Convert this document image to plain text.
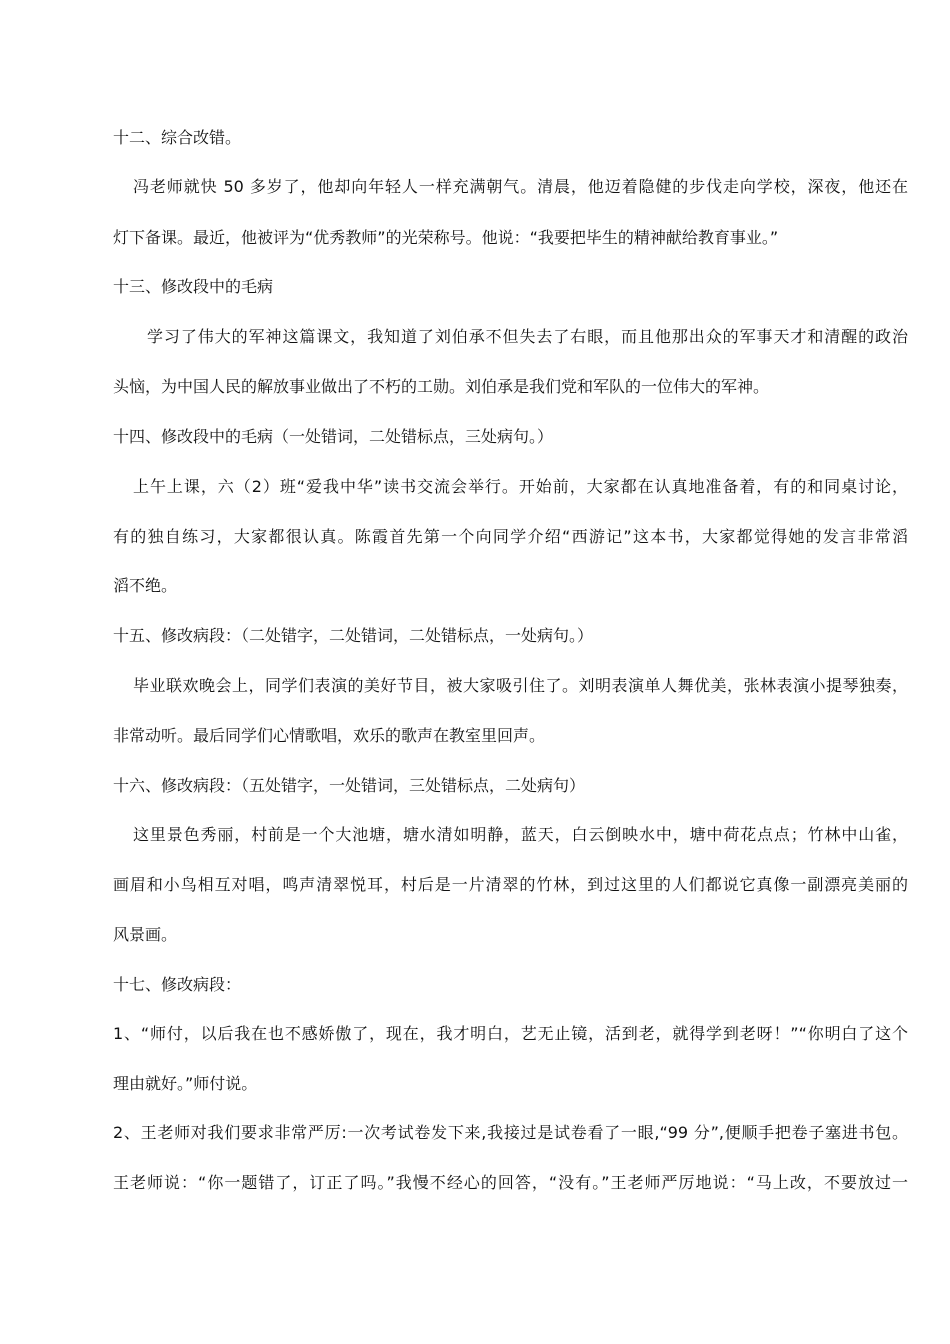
十二、综合改错。
冯老师就快 50 多岁了，他却向年轻人一样充满朝气。清晨，他迈着隐健的步伐走向学校，深夜，他还在
灯下备课。最近，他被评为“优秀教师”的光荣称号。他说：“我要把毕生的精神献给教育事业。”
十三、修改段中的毛病
学习了伟大的军神这篇课文，我知道了刘伯承不但失去了右眼，而且他那出众的军事天才和清醒的政治
头恼，为中国人民的解放事业做出了不朽的工勋。刘伯承是我们党和军队的一位伟大的军神。
十四、修改段中的毛病（一处错词，二处错标点，三处病句。）
上午上课，六（2）班“爱我中华”读书交流会举行。开始前，大家都在认真地准备着，有的和同桌讨论，
有的独自练习，大家都很认真。陈霞首先第一个向同学介绍“西游记”这本书，大家都觉得她的发言非常滔
滔不绝。
十五、修改病段：（二处错字，二处错词，二处错标点，一处病句。）
毕业联欢晚会上，同学们表演的美好节目，被大家吸引住了。刘明表演单人舞优美，张林表演小提琴独奏，
非常动听。最后同学们心情歌唱，欢乐的歌声在教室里回声。
十六、修改病段：（五处错字，一处错词，三处错标点，二处病句）
这里景色秀丽，村前是一个大池塘，塘水清如明静，蓝天，白云倒映水中，塘中荷花点点；竹林中山雀，
画眉和小鸟相互对唱，鸣声清翠悦耳，村后是一片清翠的竹林，到过这里的人们都说它真像一副漂亮美丽的
风景画。
十七、修改病段：
1、“师付，以后我在也不感娇傲了，现在，我才明白，艺无止镜，活到老，就得学到老呀！”“你明白了这个
理由就好。”师付说。
2、王老师对我们要求非常严厉:一次考试卷发下来,我接过是试卷看了一眼,“99 分”,便顺手把卷子塞进书包。
王老师说：“你一题错了，订正了吗。”我慢不经心的回答，“没有。”王老师严厉地说：“马上改，不要放过一
